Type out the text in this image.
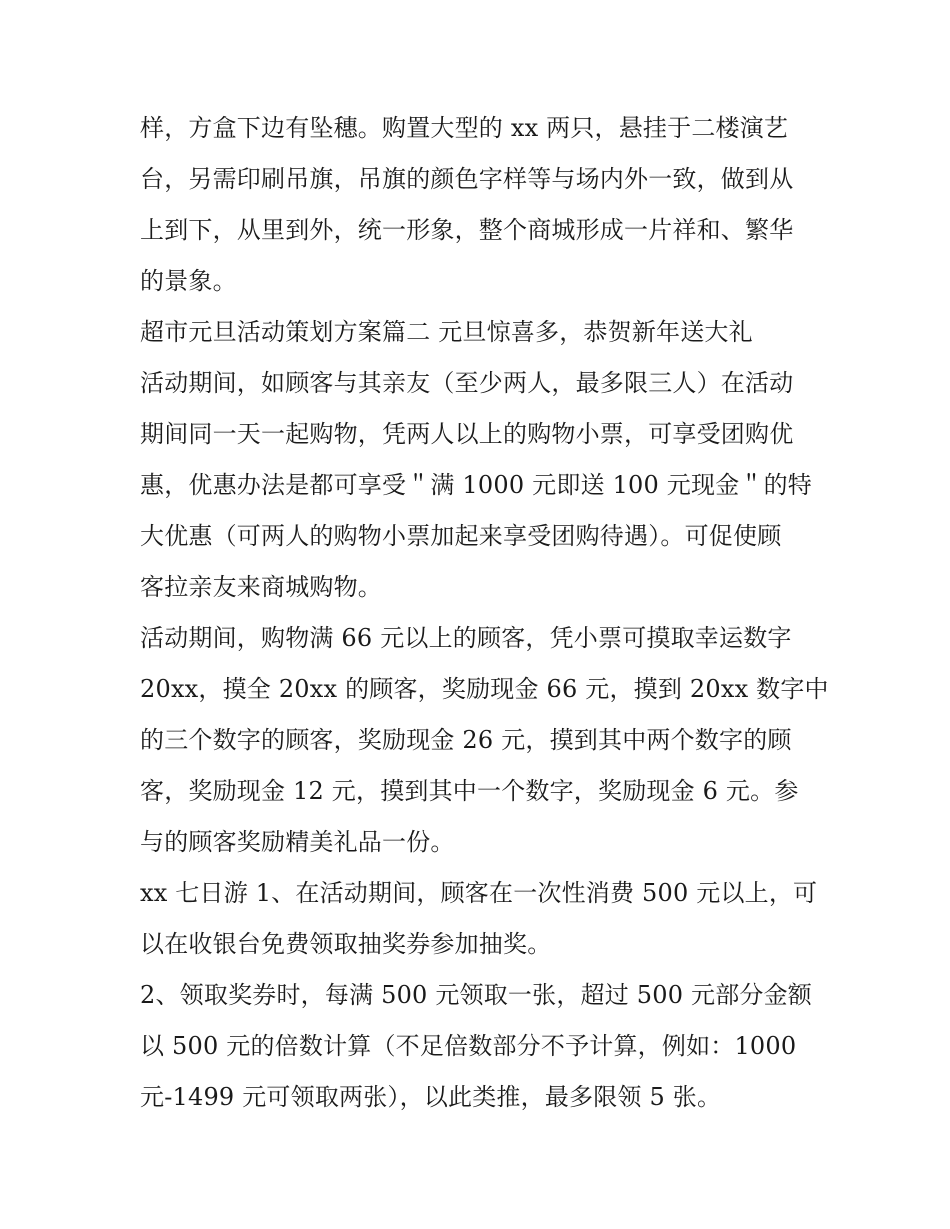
样，方盒下边有坠穗。购置大型的 xx 两只，悬挂于二楼演艺
台，另需印刷吊旗，吊旗的颜色字样等与场内外一致，做到从
上到下，从里到外，统一形象，整个商城形成一片祥和、繁华
的景象。
超市元旦活动策划方案篇二 元旦惊喜多，恭贺新年送大礼
活动期间，如顾客与其亲友（至少两人，最多限三人）在活动
期间同一天一起购物，凭两人以上的购物小票，可享受团购优
惠，优惠办法是都可享受＂满 1000 元即送 100 元现金＂的特
大优惠（可两人的购物小票加起来享受团购待遇）。可促使顾
客拉亲友来商城购物。
活动期间，购物满 66 元以上的顾客，凭小票可摸取幸运数字
20xx，摸全 20xx 的顾客，奖励现金 66 元，摸到 20xx 数字中
的三个数字的顾客，奖励现金 26 元，摸到其中两个数字的顾
客，奖励现金 12 元，摸到其中一个数字，奖励现金 6 元。参
与的顾客奖励精美礼品一份。
xx 七日游 1、在活动期间，顾客在一次性消费 500 元以上，可
以在收银台免费领取抽奖券参加抽奖。
2、领取奖券时，每满 500 元领取一张，超过 500 元部分金额
以 500 元的倍数计算（不足倍数部分不予计算，例如：1000
元-1499 元可领取两张），以此类推，最多限领 5 张。
